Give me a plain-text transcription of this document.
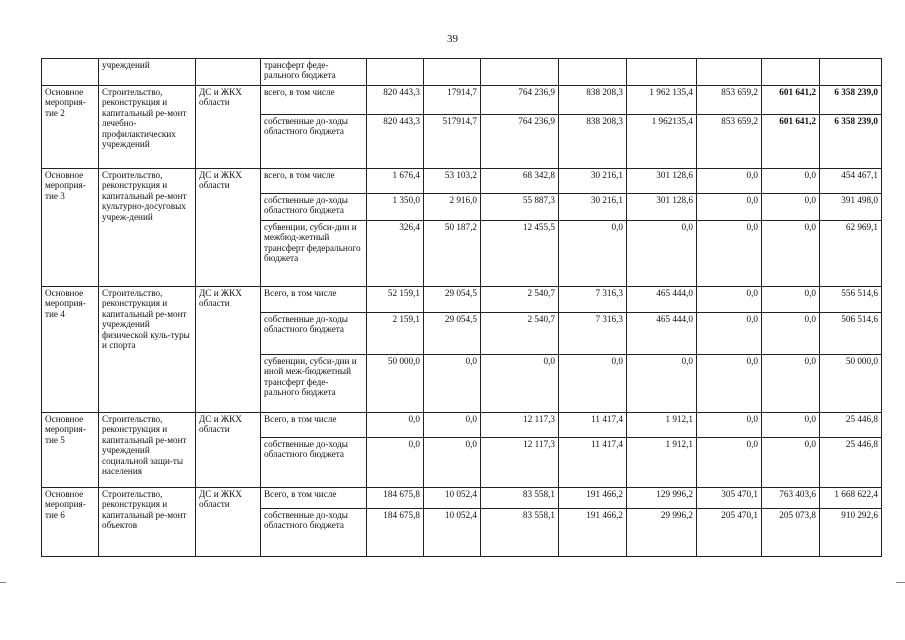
39
	учреждений		трансферт феде-ральнoго бюджета								
Основное мероприя-тие 2	Строительство, реконструкция и капитальный ре-монт лечебно-профилактических учреждений	ДС и ЖКХ области	всего, в том числе	820 443,3	17914,7	764 236,9	838 208,3	1 962 135,4	853 659,2	601 641,2	6 358 239,0
			собственные до-ходы областного бюджета	820 443,3	517914,7	764 236,9	838 208,3	1 962135,4	853 659,2	601 641,2	6 358 239,0
Основное мероприя-тие 3	Строительство, реконструкция и капитальный ре-монт культурно-досуговых учреж-дений	ДС и ЖКХ области	всего, в том числе	1 676,4	53 103,2	68 342,8	30 216,1	301 128,6	0,0	0,0	454 467,1
			собственные до-ходы областного бюджета	1 350,0	2 916,0	55 887,3	30 216,1	301 128,6	0,0	0,0	391 498,0
			субвенции, субси-дии и межбюд-жетный трансферт федерального бюджета	326,4	50 187,2	12 455,5	0,0	0,0	0,0	0,0	62 969,1
Основное мероприя-тие 4	Строительство, реконструкция и капитальный ре-монт учреждений физической куль-туры и спорта	ДС и ЖКХ области	Всего, в том числе	52 159,1	29 054,5	2 540,7	7 316,3	465 444,0	0,0	0,0	556 514,6
			собственные до-ходы областного бюджета	2 159,1	29 054,5	2 540,7	7 316,3	465 444,0	0,0	0,0	506 514,6
			субвенции, субси-дии и иной меж-бюджетный трансферт феде-рального бюджета	50 000,0	0,0	0,0	0,0	0,0	0,0	0,0	50 000,0
Основное мероприя-тие 5	Строительство, реконструкция и капитальный ре-монт учреждений социальной защи-ты населения	ДС и ЖКХ области	Всего, в том числе	0,0	0,0	12 117,3	11 417,4	1 912,1	0,0	0,0	25 446,8
			собственные до-ходы областного бюджета	0,0	0,0	12 117,3	11 417,4	1 912,1	0,0	0,0	25 446,8
Основное мероприя-тие 6	Строительство, реконструкция и капитальный ре-монт объектов	ДС и ЖКХ области	Всего, в том числе	184 675,8	10 052,4	83 558,1	191 466,2	129 996,2	305 470,1	763 403,6	1 668 622,4
			собственные до-ходы областного бюджета	184 675,8	10 052,4	83 558,1	191 466,2	29 996,2	205 470,1	205 073,8	910 292,6
